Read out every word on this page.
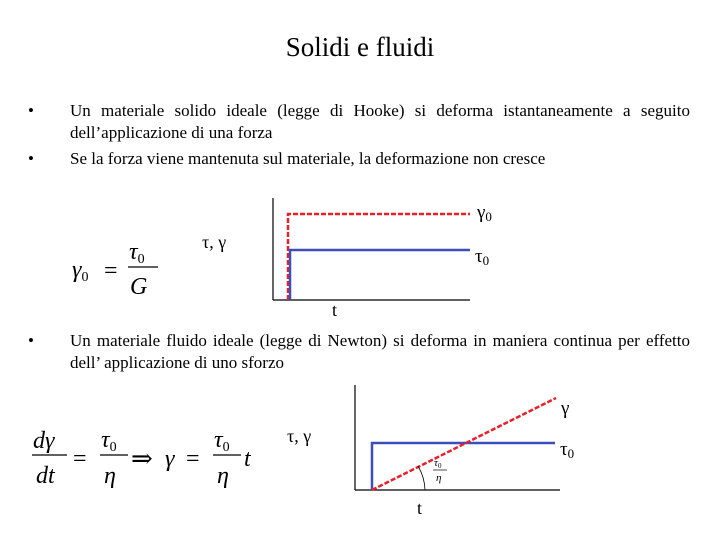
Solidi e fluidi
•	Un materiale solido ideale (legge di Hooke) si deforma istantaneamente a seguito dell’applicazione di una forza
•	Se la forza viene mantenuta sul materiale, la deformazione non cresce
•	Un materiale fluido ideale (legge di Newton) si deforma in maniera continua per effetto dell’ applicazione di uno sforzo
τ, γ
t
γ0
τ0
γ0 =
τ0
G
τ0
η
τ, γ
t
γ
τ0
dγ
dt
=
τ0
η
⇒ γ =
τ0
η
t
